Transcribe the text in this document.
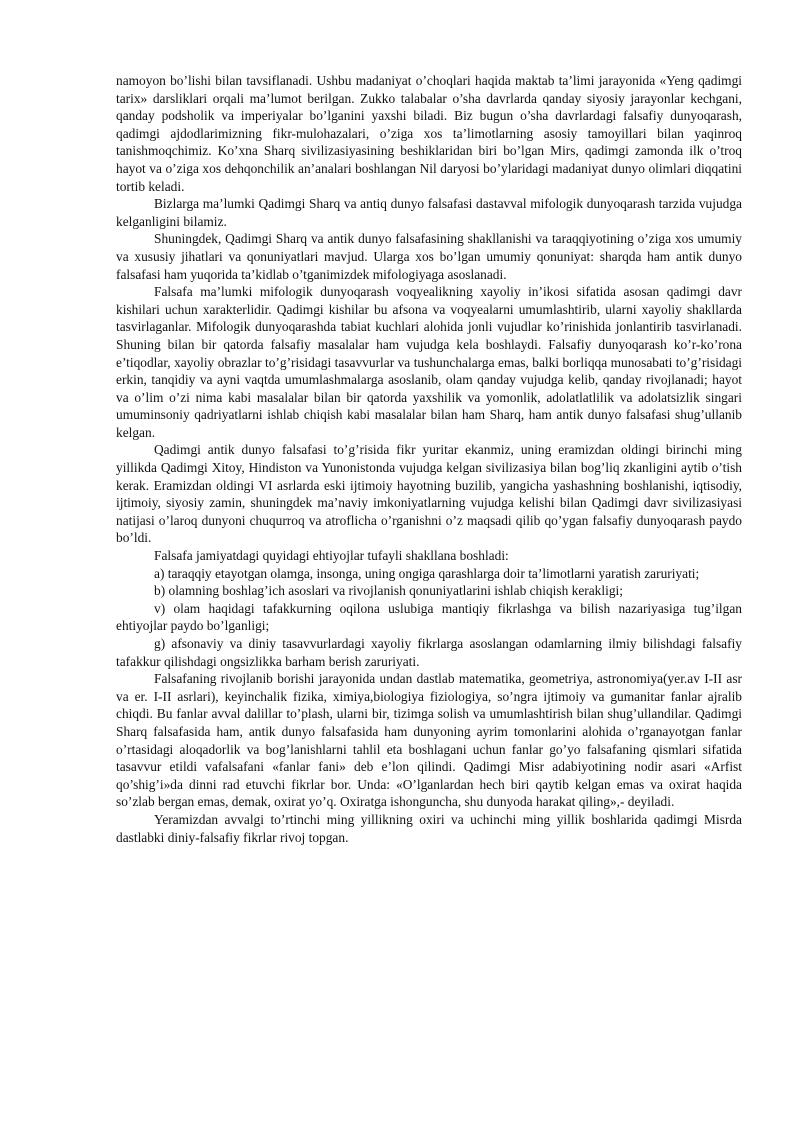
namoyon bo’lishi bilan tavsiflanadi. Ushbu madaniyat o’choqlari haqida maktab ta’limi jarayonida «Yeng qadimgi tarix» darsliklari orqali ma’lumot berilgan. Zukko talabalar o’sha davrlarda qanday siyosiy jarayonlar kechgani, qanday podsholik va imperiyalar bo’lganini yaxshi biladi. Biz bugun o’sha davrlardagi falsafiy dunyoqarash, qadimgi ajdodlarimizning fikr-mulohazalari, o’ziga xos ta’limotlarning asosiy tamoyillari bilan yaqinroq tanishmoqchimiz. Ko’xna Sharq sivilizasiyasining beshiklaridan biri bo’lgan Mirs, qadimgi zamonda ilk o’troq hayot va o’ziga xos dehqonchilik an’analari boshlangan Nil daryosi bo’ylaridagi madaniyat dunyo olimlari diqqatini tortib keladi.

Bizlarga ma’lumki Qadimgi Sharq va antiq dunyo falsafasi dastavval mifologik dunyoqarash tarzida vujudga kelganligini bilamiz.

Shuningdek, Qadimgi Sharq va antik dunyo falsafasining shakllanishi va taraqqiyotining o’ziga xos umumiy va xususiy jihatlari va qonuniyatlari mavjud. Ularga xos bo’lgan umumiy qonuniyat: sharqda ham antik dunyo falsafasi ham yuqorida ta’kidlab o’tganimizdek mifologiyaga asoslanadi.

Falsafa ma’lumki mifologik dunyoqarash voqyealikning xayoliy in’ikosi sifatida asosan qadimgi davr kishilari uchun xarakterlidir. Qadimgi kishilar bu afsona va voqyealarni umumlashtirib, ularni xayoliy shakllarda tasvirlaganlar. Mifologik dunyoqarashda tabiat kuchlari alohida jonli vujudlar ko’rinishida jonlantirib tasvirlanadi. Shuning bilan bir qatorda falsafiy masalalar ham vujudga kela boshlaydi. Falsafiy dunyoqarash ko’r-ko’rona e’tiqodlar, xayoliy obrazlar to’g’risidagi tasavvurlar va tushunchalarga emas, balki borliqqa munosabati to’g’risidagi erkin, tanqidiy va ayni vaqtda umumlashmalarga asoslanib, olam qanday vujudga kelib, qanday rivojlanadi; hayot va o’lim o’zi nima kabi masalalar bilan bir qatorda yaxshilik va yomonlik, adolatlatlilik va adolatsizlik singari umuminsoniy qadriyatlarni ishlab chiqish kabi masalalar bilan ham Sharq, ham antik dunyo falsafasi shug’ullanib kelgan.

Qadimgi antik dunyo falsafasi to’g’risida fikr yuritar ekanmiz, uning eramizdan oldingi birinchi ming yillikda Qadimgi Xitoy, Hindiston va Yunonistonda vujudga kelgan sivilizasiya bilan bog’liq zkanligini aytib o’tish kerak. Eramizdan oldingi VI asrlarda eski ijtimoiy hayotning buzilib, yangicha yashashning boshlanishi, iqtisodiy, ijtimoiy, siyosiy zamin, shuningdek ma’naviy imkoniyatlarning vujudga kelishi bilan Qadimgi davr sivilizasiyasi natijasi o’laroq dunyoni chuqurroq va atroflicha o’rganishni o’z maqsadi qilib qo’ygan falsafiy dunyoqarash paydo bo’ldi.

Falsafa jamiyatdagi quyidagi ehtiyojlar tufayli shakllana boshladi:

a) taraqqiy etayotgan olamga, insonga, uning ongiga qarashlarga doir ta’limotlarni yaratish zaruriyati;

b) olamning boshlag’ich asoslari va rivojlanish qonuniyatlarini ishlab chiqish kerakligi;

v) olam haqidagi tafakkurning oqilona uslubiga mantiqiy fikrlashga va bilish nazariyasiga tug’ilgan ehtiyojlar paydo bo’lganligi;

g) afsonaviy va diniy tasavvurlardagi xayoliy fikrlarga asoslangan odamlarning ilmiy bilishdagi falsafiy tafakkur qilishdagi ongsizlikka barham berish zaruriyati.

Falsafaning rivojlanib borishi jarayonida undan dastlab matematika, geometriya, astronomiya(yer.av I-II asr va er. I-II asrlari), keyinchalik fizika, ximiya,biologiya fiziologiya, so’ngra ijtimoiy va gumanitar fanlar ajralib chiqdi. Bu fanlar avval dalillar to’plash, ularni bir, tizimga solish va umumlashtirish bilan shug’ullandilar. Qadimgi Sharq falsafasida ham, antik dunyo falsafasida ham dunyoning ayrim tomonlarini alohida o’rganayotgan fanlar o’rtasidagi aloqadorlik va bog’lanishlarni tahlil eta boshlagani uchun fanlar go’yo falsafaning qismlari sifatida tasavvur etildi vafalsafani «fanlar fani» deb e’lon qilindi. Qadimgi Misr adabiyotining nodir asari «Arfist qo’shig’i»da dinni rad etuvchi fikrlar bor. Unda: «O’lganlardan hech biri qaytib kelgan emas va oxirat haqida so’zlab bergan emas, demak, oxirat yo’q. Oxiratga ishonguncha, shu dunyoda harakat qiling»,- deyiladi.

Yeramizdan avvalgi to’rtinchi ming yillikning oxiri va uchinchi ming yillik boshlarida qadimgi Misrda dastlabki diniy-falsafiy fikrlar rivoj topgan.
